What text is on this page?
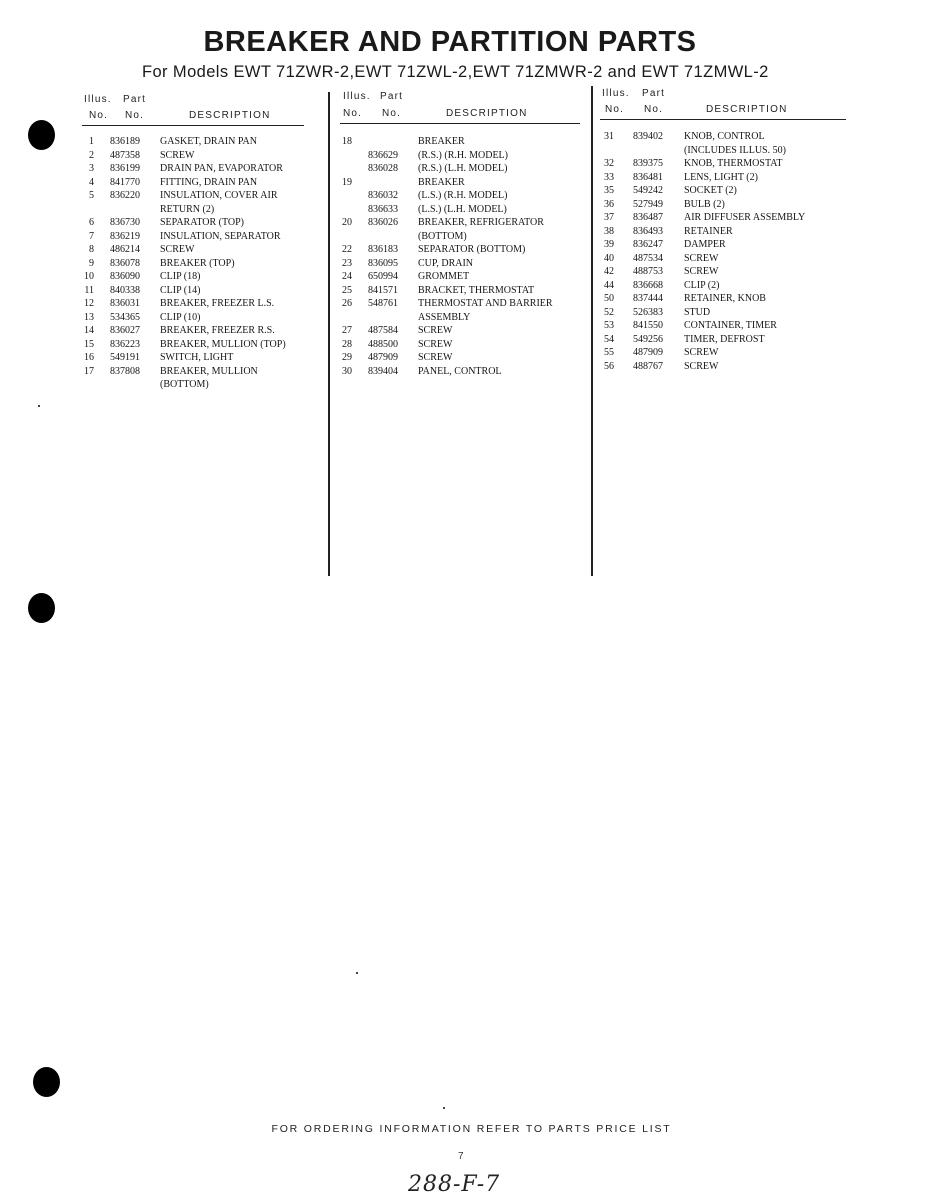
BREAKER AND PARTITION PARTS
For Models EWT 71ZWR-2,EWT 71ZWL-2,EWT 71ZMWR-2 and EWT 71ZMWL-2
Illus. Part
No. No.	DESCRIPTION
Illus. Part
No. No.	DESCRIPTION
Illus. Part
No. No.	DESCRIPTION
1 836189 GASKET, DRAIN PAN
2 487358 SCREW
3 836199 DRAIN PAN, EVAPORATOR
4 841770 FITTING, DRAIN PAN
5 836220 INSULATION, COVER AIR
RETURN (2)
6 836730 SEPARATOR (TOP)
7 836219 INSULATION, SEPARATOR
8 486214 SCREW
9 836078 BREAKER (TOP)
10 836090 CLIP (18)
11 840338 CLIP (14)
12 836031 BREAKER, FREEZER L.S.
13 534365 CLIP (10)
14 836027 BREAKER, FREEZER R.S.
15 836223 BREAKER, MULLION (TOP)
16 549191 SWITCH, LIGHT
17 837808 BREAKER, MULLION
(BOTTOM)
18	BREAKER
836629 (R.S.) (R.H. MODEL)
836028 (R.S.) (L.H. MODEL)
19	BREAKER
836032 (L.S.) (R.H. MODEL)
836633 (L.S.) (L.H. MODEL)
20 836026 BREAKER, REFRIGERATOR
(BOTTOM)
22 836183 SEPARATOR (BOTTOM)
23 836095 CUP, DRAIN
24 650994 GROMMET
25 841571 BRACKET, THERMOSTAT
26 548761 THERMOSTAT AND BARRIER
ASSEMBLY
27 487584 SCREW
28 488500 SCREW
29 487909 SCREW
30 839404 PANEL, CONTROL
31 839402 KNOB, CONTROL
(INCLUDES ILLUS. 50)
32 839375 KNOB, THERMOSTAT
33 836481 LENS, LIGHT (2)
35 549242 SOCKET (2)
36 527949 BULB (2)
37 836487 AIR DIFFUSER ASSEMBLY
38 836493 RETAINER
39 836247 DAMPER
40 487534 SCREW
42 488753 SCREW
44 836668 CLIP (2)
50 837444 RETAINER, KNOB
52 526383 STUD
53 841550 CONTAINER, TIMER
54 549256 TIMER, DEFROST
55 487909 SCREW
56 488767 SCREW
FOR ORDERING INFORMATION REFER TO PARTS PRICE LIST
7
288-F-7
